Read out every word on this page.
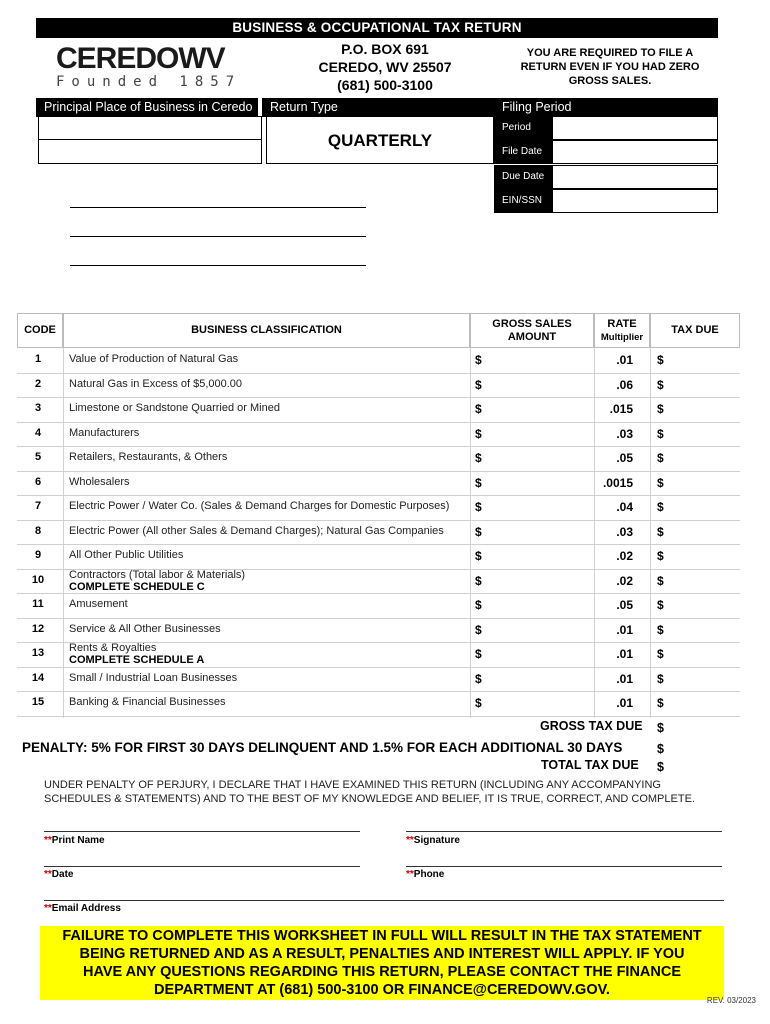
BUSINESS & OCCUPATIONAL TAX RETURN
CEREDOWV
Founded 1857
P.O. BOX 691
CEREDO, WV 25507
(681) 500-3100
YOU ARE REQUIRED TO FILE A RETURN EVEN IF YOU HAD ZERO GROSS SALES.
Principal Place of Business in Ceredo	Return Type	Filing Period
QUARTERLY
Period
File Date
Due Date
EIN/SSN
CODE	BUSINESS CLASSIFICATION
GROSS SALES AMOUNT
RATE
Multiplier
TAX DUE
1	Value of Production of Natural Gas	$	.01 $
2	Natural Gas in Excess of $5,000.00	$	.06 $
3	Limestone or Sandstone Quarried or Mined	$	.015 $
4	Manufacturers	$	.03 $
5	Retailers, Restaurants, & Others	$	.05 $
6	Wholesalers	$	.0015 $
7	Electric Power / Water Co. (Sales & Demand Charges for Domestic Purposes)	$	.04 $
8	Electric Power (All other Sales & Demand Charges); Natural Gas Companies	$	.03 $
9	All Other Public Utilities	$	.02 $
10	Contractors (Total labor & Materials)
COMPLETE SCHEDULE C	$	.02 $
11	Amusement	$	.05 $
12	Service & All Other Businesses	$	.01 $
13	Rents & Royalties
COMPLETE SCHEDULE A	$	.01 $
14	Small / Industrial Loan Businesses	$	.01 $
15	Banking & Financial Businesses	$	.01 $
GROSS TAX DUE $
PENALTY: 5% FOR FIRST 30 DAYS DELINQUENT AND 1.5% FOR EACH ADDITIONAL 30 DAYS	$
TOTAL TAX DUE $
UNDER PENALTY OF PERJURY, I DECLARE THAT I HAVE EXAMINED THIS RETURN (INCLUDING ANY ACCOMPANYING
SCHEDULES & STATEMENTS) AND TO THE BEST OF MY KNOWLEDGE AND BELIEF, IT IS TRUE, CORRECT, AND COMPLETE.
**Print Name	**Signature
**Date	**Phone
**Email Address
FAILURE TO COMPLETE THIS WORKSHEET IN FULL WILL RESULT IN THE TAX STATEMENT
BEING RETURNED AND AS A RESULT, PENALTIES AND INTEREST WILL APPLY. IF YOU
HAVE ANY QUESTIONS REGARDING THIS RETURN, PLEASE CONTACT THE FINANCE
DEPARTMENT AT (681) 500-3100 OR FINANCE@CEREDOWV.GOV.
REV. 03/2023
